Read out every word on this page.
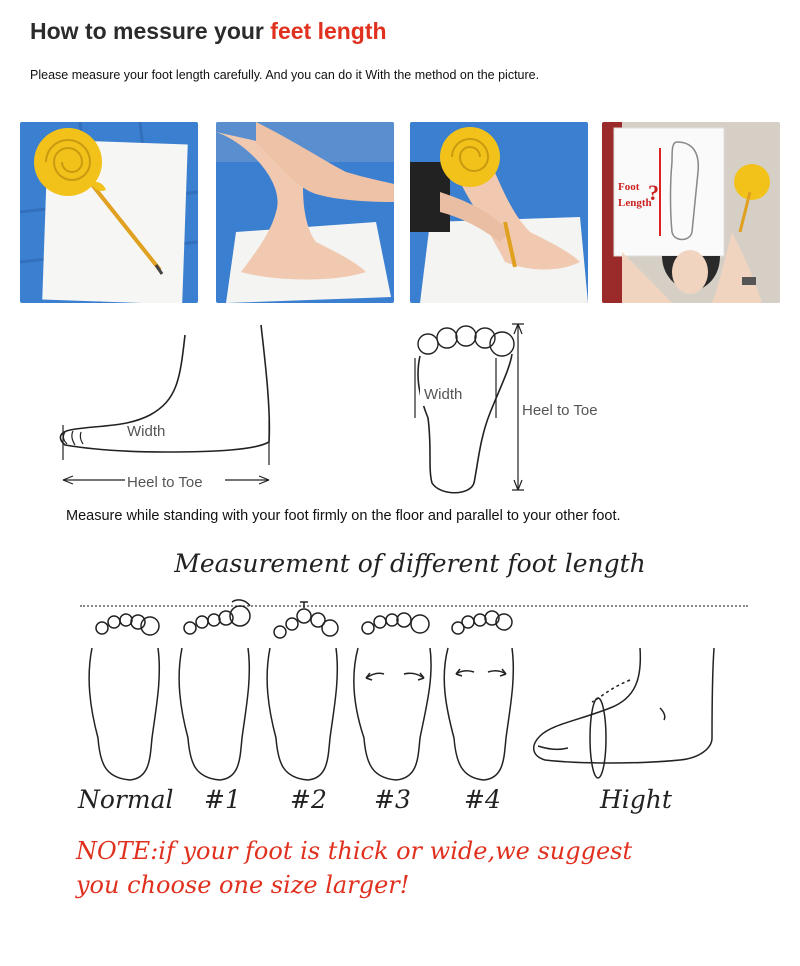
How to messure your feet length
Please measure your foot length carefully. And you can do it With the method on the picture.
Foot
Length
?
Width
Heel to Toe
Width
Heel to Toe
Measure while standing with your foot firmly on the floor and parallel to your other foot.
Measurement of different foot length
Normal #1 #2 #3 #4	Hight
NOTE:if your foot is thick or wide,we suggest
you choose one size larger!
